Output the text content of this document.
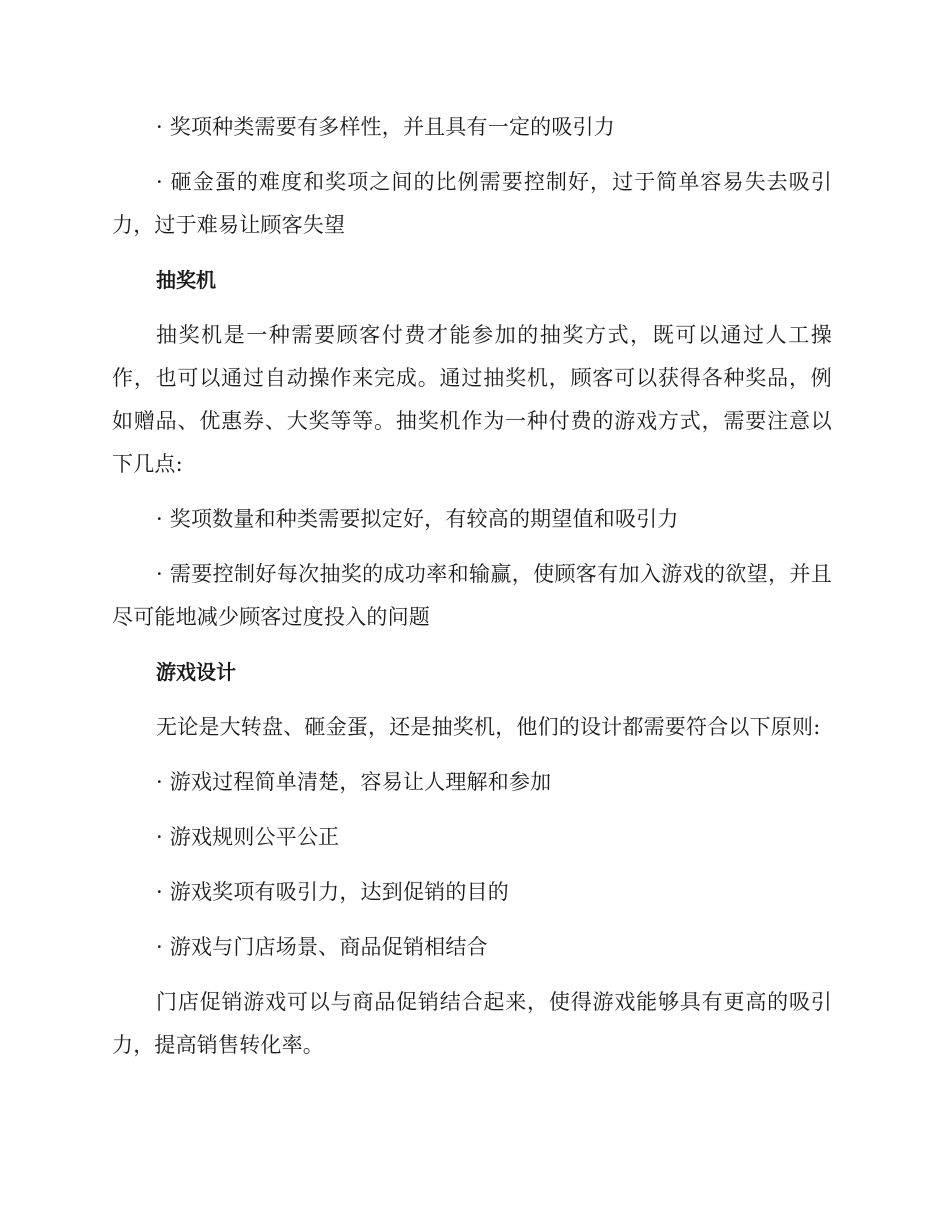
· 奖项种类需要有多样性，并且具有一定的吸引力

· 砸金蛋的难度和奖项之间的比例需要控制好，过于简单容易失去吸引力，过于难易让顾客失望

抽奖机

抽奖机是一种需要顾客付费才能参加的抽奖方式，既可以通过人工操作，也可以通过自动操作来完成。通过抽奖机，顾客可以获得各种奖品，例如赠品、优惠券、大奖等等。抽奖机作为一种付费的游戏方式，需要注意以下几点:

· 奖项数量和种类需要拟定好，有较高的期望值和吸引力

· 需要控制好每次抽奖的成功率和输赢，使顾客有加入游戏的欲望，并且尽可能地减少顾客过度投入的问题

游戏设计

无论是大转盘、砸金蛋，还是抽奖机，他们的设计都需要符合以下原则:

· 游戏过程简单清楚，容易让人理解和参加

· 游戏规则公平公正

· 游戏奖项有吸引力，达到促销的目的

· 游戏与门店场景、商品促销相结合

门店促销游戏可以与商品促销结合起来，使得游戏能够具有更高的吸引力，提高销售转化率。
